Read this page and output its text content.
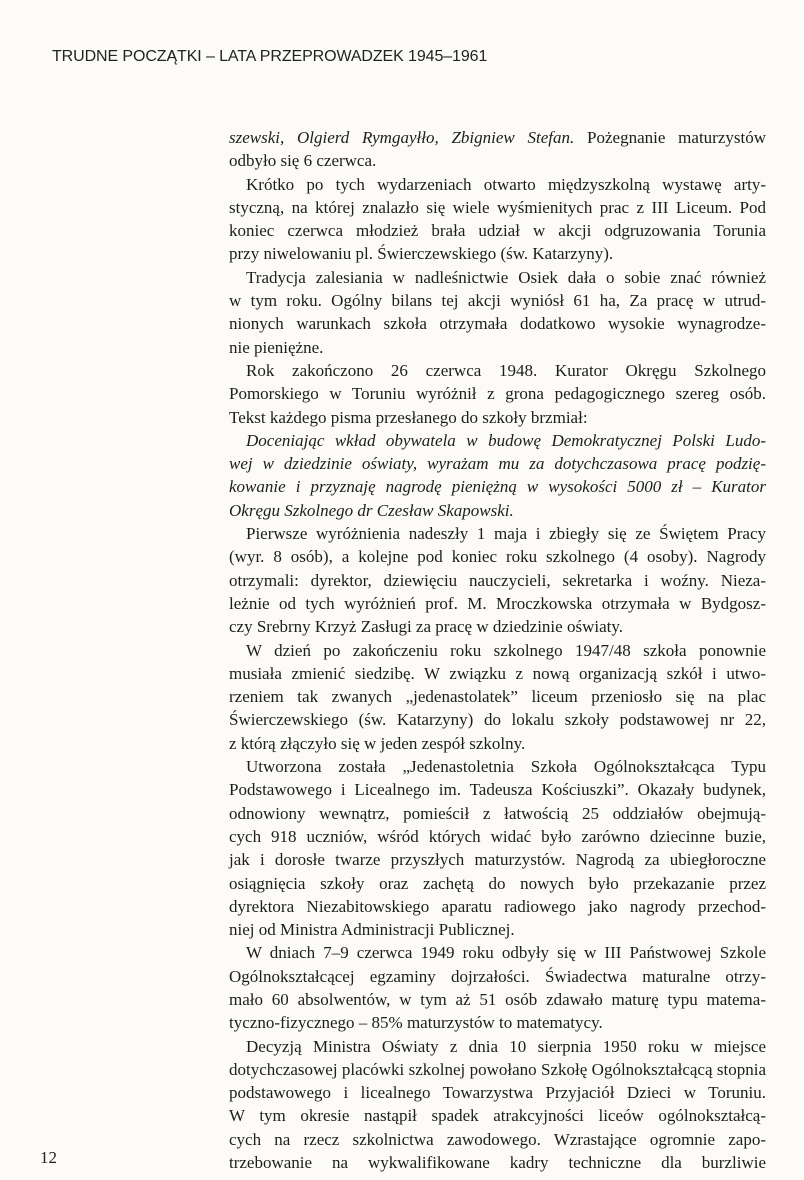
TRUDNE POCZĄTKI – LATA PRZEPROWADZEK 1945–1961
szewski, Olgierd Rymgayłło, Zbigniew Stefan. Pożegnanie maturzystów
odbyło się 6 czerwca.
Krótko po tych wydarzeniach otwarto międzyszkolną wystawę arty-
styczną, na której znalazło się wiele wyśmienitych prac z III Liceum. Pod
koniec czerwca młodzież brała udział w akcji odgruzowania Torunia
przy niwelowaniu pl. Świerczewskiego (św. Katarzyny).
Tradycja zalesiania w nadleśnictwie Osiek dała o sobie znać również
w tym roku. Ogólny bilans tej akcji wyniósł 61 ha, Za pracę w utrud-
nionych warunkach szkoła otrzymała dodatkowo wysokie wynagrodze-
nie pieniężne.
Rok zakończono 26 czerwca 1948. Kurator Okręgu Szkolnego
Pomorskiego w Toruniu wyróżnił z grona pedagogicznego szereg osób.
Tekst każdego pisma przesłanego do szkoły brzmiał:
Doceniając wkład obywatela w budowę Demokratycznej Polski Ludo-
wej w dziedzinie oświaty, wyrażam mu za dotychczasowa pracę podzię-
kowanie i przyznaję nagrodę pieniężną w wysokości 5000 zł – Kurator
Okręgu Szkolnego dr Czesław Skapowski.
Pierwsze wyróżnienia nadeszły 1 maja i zbiegły się ze Świętem Pracy
(wyr. 8 osób), a kolejne pod koniec roku szkolnego (4 osoby). Nagrody
otrzymali: dyrektor, dziewięciu nauczycieli, sekretarka i woźny. Nieza-
leżnie od tych wyróżnień prof. M. Mroczkowska otrzymała w Bydgosz-
czy Srebrny Krzyż Zasługi za pracę w dziedzinie oświaty.
W dzień po zakończeniu roku szkolnego 1947/48 szkoła ponownie
musiała zmienić siedzibę. W związku z nową organizacją szkół i utwo-
rzeniem tak zwanych „jedenastolatek” liceum przeniosło się na plac
Świerczewskiego (św. Katarzyny) do lokalu szkoły podstawowej nr 22,
z którą złączyło się w jeden zespół szkolny.
Utworzona została „Jedenastoletnia Szkoła Ogólnokształcąca Typu
Podstawowego i Licealnego im. Tadeusza Kościuszki”. Okazały budynek,
odnowiony wewnątrz, pomieścił z łatwością 25 oddziałów obejmują-
cych 918 uczniów, wśród których widać było zarówno dziecinne buzie,
jak i dorosłe twarze przyszłych maturzystów. Nagrodą za ubiegłoroczne
osiągnięcia szkoły oraz zachętą do nowych było przekazanie przez
dyrektora Niezabitowskiego aparatu radiowego jako nagrody przechod-
niej od Ministra Administracji Publicznej.
W dniach 7–9 czerwca 1949 roku odbyły się w III Państwowej Szkole
Ogólnokształcącej egzaminy dojrzałości. Świadectwa maturalne otrzy-
mało 60 absolwentów, w tym aż 51 osób zdawało maturę typu matema-
tyczno-fizycznego – 85% maturzystów to matematycy.
Decyzją Ministra Oświaty z dnia 10 sierpnia 1950 roku w miejsce
dotychczasowej placówki szkolnej powołano Szkołę Ogólnokształcącą stopnia
podstawowego i licealnego Towarzystwa Przyjaciół Dzieci w Toruniu.
W tym okresie nastąpił spadek atrakcyjności liceów ogólnokształcą-
cych na rzecz szkolnictwa zawodowego. Wzrastające ogromnie zapo-
trzebowanie na wykwalifikowane kadry techniczne dla burzliwie
12
